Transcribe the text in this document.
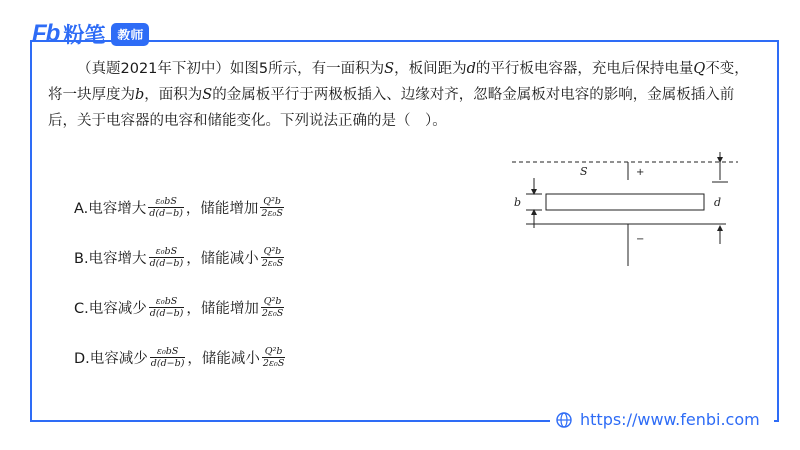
Fb 粉笔 教师

（真题2021年下初中）如图5所示，有一面积为S，板间距为d的平行板电容器，充电后保持电量Q不变，将一块厚度为b，面积为S的金属板平行于两极板插入、边缘对齐，忽略金属板对电容的影响，金属板插入前后，关于电容器的电容和储能变化。下列说法正确的是（　）。

A.电容增大 $\frac{\text{ε₀bS}}{d(d-b)}$ ，储能增加 $\frac{\text{Q²b}}{\text{2ε₀S}}$
B.电容增大 $\frac{\text{ε₀bS}}{d(d-b)}$ ，储能减小 $\frac{\text{Q²b}}{\text{2ε₀S}}$
C.电容减少 $\frac{\text{ε₀bS}}{d(d-b)}$ ，储能增加 $\frac{\text{Q²b}}{\text{2ε₀S}}$
D.电容减少 $\frac{\text{ε₀bS}}{d(d-b)}$ ，储能减小 $\frac{\text{Q²b}}{\text{2ε₀S}}$
S	+
−
b	d
https://www.fenbi.com
